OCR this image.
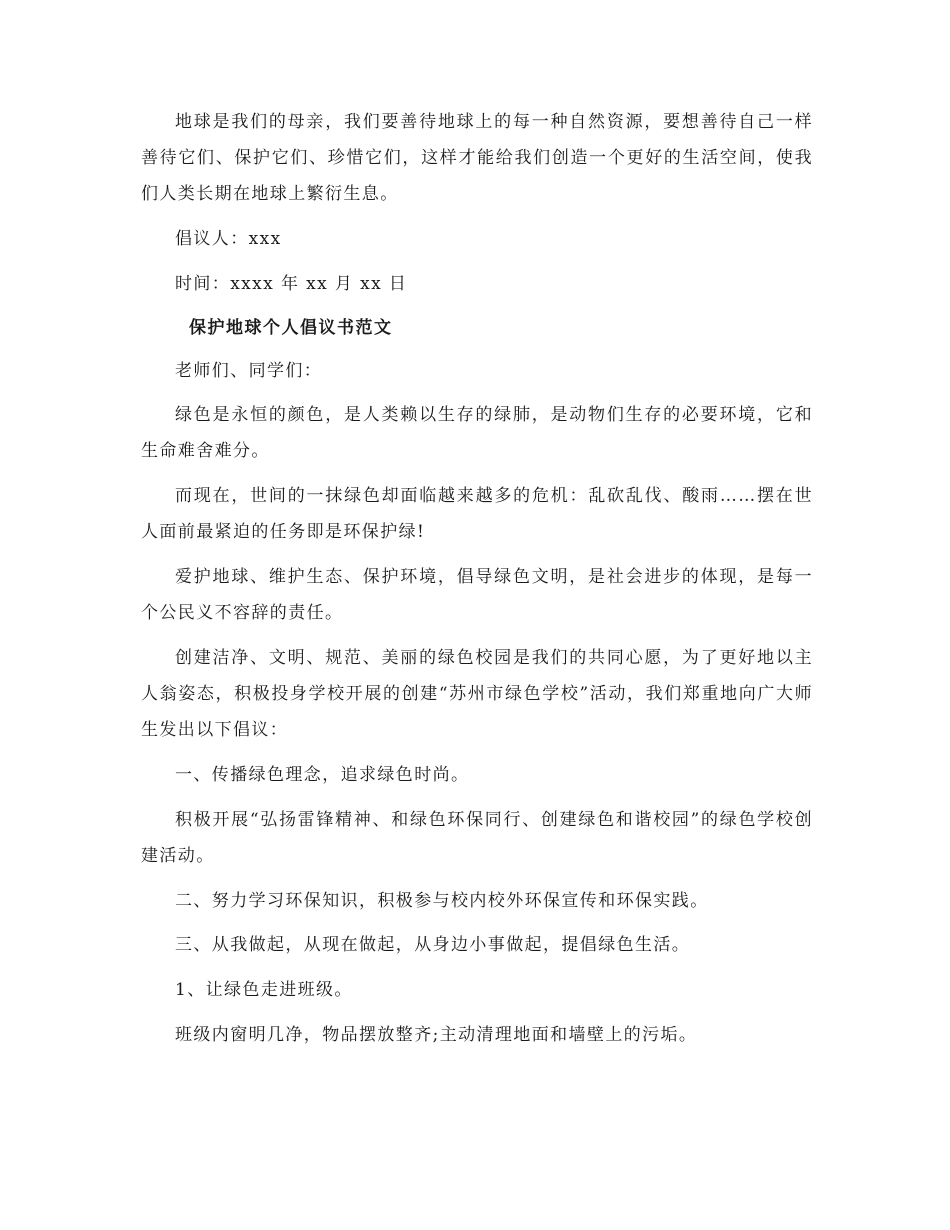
地球是我们的母亲，我们要善待地球上的每一种自然资源，要想善待自己一样善待它们、保护它们、珍惜它们，这样才能给我们创造一个更好的生活空间，使我们人类长期在地球上繁衍生息。

倡议人：xxx

时间：xxxx 年 xx 月 xx 日

保护地球个人倡议书范文

老师们、同学们：

绿色是永恒的颜色，是人类赖以生存的绿肺，是动物们生存的必要环境，它和生命难舍难分。

而现在，世间的一抹绿色却面临越来越多的危机：乱砍乱伐、酸雨……摆在世人面前最紧迫的任务即是环保护绿!

爱护地球、维护生态、保护环境，倡导绿色文明，是社会进步的体现，是每一个公民义不容辞的责任。

创建洁净、文明、规范、美丽的绿色校园是我们的共同心愿，为了更好地以主人翁姿态，积极投身学校开展的创建“苏州市绿色学校”活动，我们郑重地向广大师生发出以下倡议：

一、传播绿色理念，追求绿色时尚。

积极开展“弘扬雷锋精神、和绿色环保同行、创建绿色和谐校园”的绿色学校创建活动。

二、努力学习环保知识，积极参与校内校外环保宣传和环保实践。

三、从我做起，从现在做起，从身边小事做起，提倡绿色生活。

1、让绿色走进班级。

班级内窗明几净，物品摆放整齐;主动清理地面和墙壁上的污垢。
